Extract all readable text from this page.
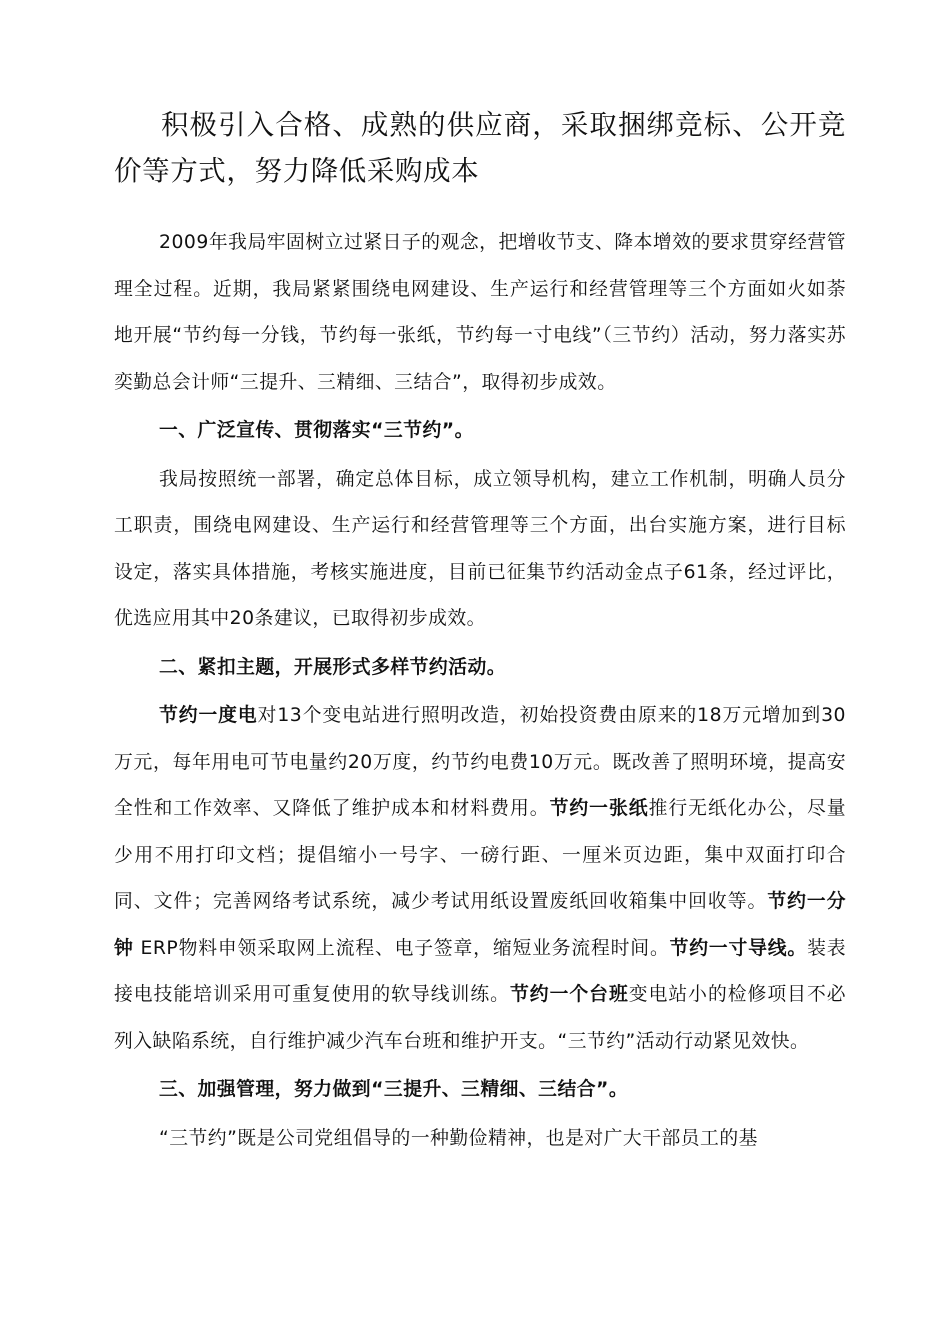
积极引入合格、成熟的供应商，采取捆绑竞标、公开竞价等方式，努力降低采购成本

2009年我局牢固树立过紧日子的观念，把增收节支、降本增效的要求贯穿经营管理全过程。近期，我局紧紧围绕电网建设、生产运行和经营管理等三个方面如火如荼地开展“节约每一分钱，节约每一张纸，节约每一寸电线”（三节约）活动，努力落实苏奕勤总会计师“三提升、三精细、三结合”，取得初步成效。

一、广泛宣传、贯彻落实“三节约”。

我局按照统一部署，确定总体目标，成立领导机构，建立工作机制，明确人员分工职责，围绕电网建设、生产运行和经营管理等三个方面，出台实施方案，进行目标设定，落实具体措施，考核实施进度，目前已征集节约活动金点子61条，经过评比，优选应用其中20条建议，已取得初步成效。

二、紧扣主题，开展形式多样节约活动。

节约一度电对13个变电站进行照明改造，初始投资费由原来的18万元增加到30万元，每年用电可节电量约20万度，约节约电费10万元。既改善了照明环境，提高安全性和工作效率、又降低了维护成本和材料费用。节约一张纸推行无纸化办公，尽量少用不用打印文档；提倡缩小一号字、一磅行距、一厘米页边距，集中双面打印合同、文件；完善网络考试系统，减少考试用纸设置废纸回收箱集中回收等。节约一分钟 ERP物料申领采取网上流程、电子签章，缩短业务流程时间。节约一寸导线。装表接电技能培训采用可重复使用的软导线训练。节约一个台班变电站小的检修项目不必列入缺陷系统，自行维护减少汽车台班和维护开支。“三节约”活动行动紧见效快。

三、加强管理，努力做到“三提升、三精细、三结合”。

“三节约”既是公司党组倡导的一种勤俭精神，也是对广大干部员工的基
